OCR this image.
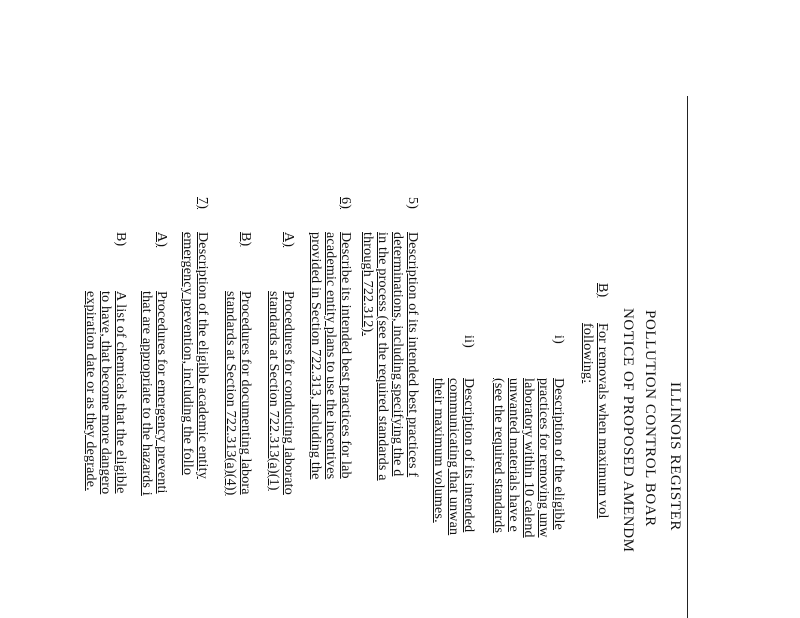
ILLINOIS REGISTER
POLLUTION CONTROL BOAR
NOTICE OF PROPOSED AMENDM
B)
For removals when maximum vol
following:
i)
Description of the eligible
practices for removing unw
laboratory within 10 calend
unwanted materials have e
(see the required standards
ii)
Description of its intended
communicating that unwan
their maximum volumes.
5)
Description of its intended best practices f
determinations, including specifying the d
in the process (see the required standards a
through 722.312).
6)
Describe its intended best practices for lab
academic entity plans to use the incentives
provided in Section 722.313, including the
A)
Procedures for conducting laborato
standards at Section 722.313(a)(1)
B)
Procedures for documenting labora
standards at Section 722.313(a)(4))
7)
Description of the eligible academic entity
emergency prevention, including the follo
A)
Procedures for emergency preventi
that are appropriate to the hazards i
B)
A list of chemicals that the eligible
to have, that become more dangero
expiration date or as they degrade.
